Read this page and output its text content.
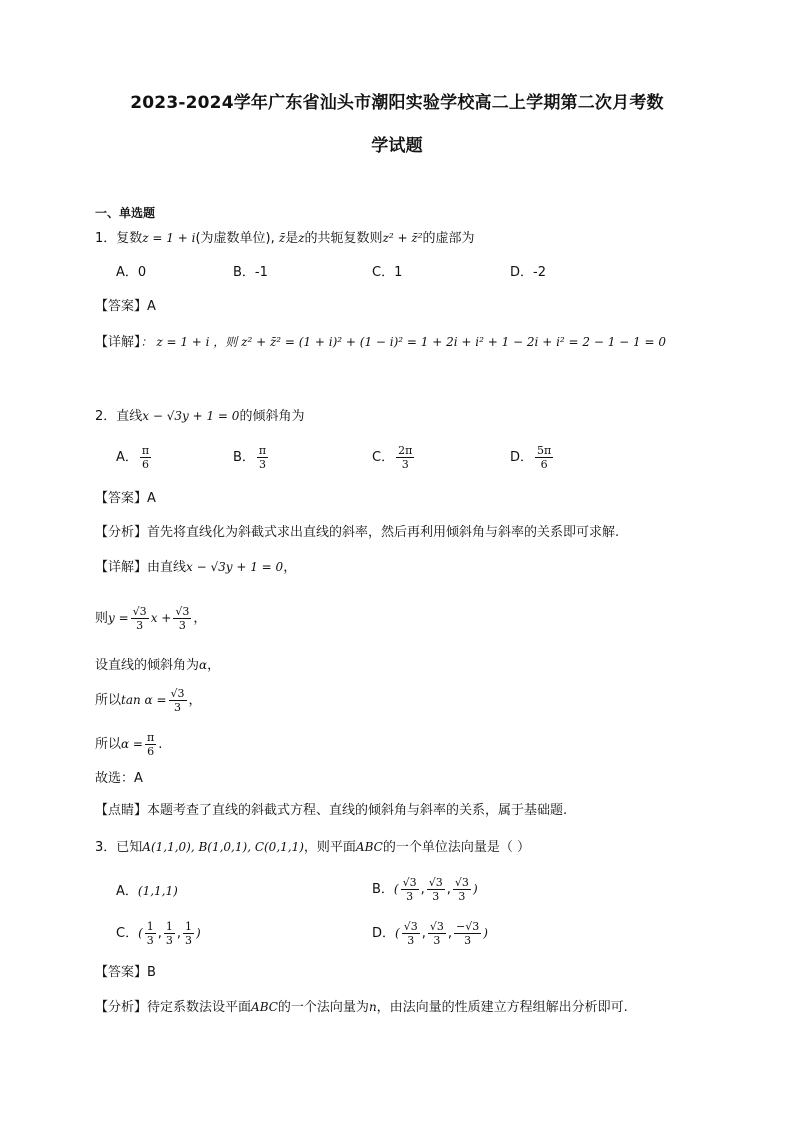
2023-2024学年广东省汕头市潮阳实验学校高二上学期第二次月考数
学试题
一、单选题
1．复数z = 1 + i(为虚数单位), z̄是z的共轭复数则z² + z̄²的虚部为
A．0	B．-1	C．1	D．-2
【答案】A
【详解】： z = 1 + i ，则 z² + z̄² = (1 + i)² + (1 − i)² = 1 + 2i + i² + 1 − 2i + i² = 2 − 1 − 1 = 0
2．直线x − √3y + 1 = 0的倾斜角为
A． $\frac{\pi}{6}$	B． $\frac{\pi}{3}$	C． $\frac{2\pi}{3}$	D． $\frac{5\pi}{6}$
【答案】A
【分析】首先将直线化为斜截式求出直线的斜率，然后再利用倾斜角与斜率的关系即可求解.
【详解】由直线x − √3y + 1 = 0，
则$y = \frac{√3}{3}$ $x + \frac{√3}{3}$ ，
设直线的倾斜角为α，
所以$\tan \alpha = \frac{√3}{3}$ ，
所以$\alpha = \frac{\pi}{6}$ .
故选：A
【点睛】本题考查了直线的斜截式方程、直线的倾斜角与斜率的关系，属于基础题.
3．已知A(1,1,0), B(1,0,1), C(0,1,1)，则平面ABC的一个单位法向量是（ ）
A．(1,1,1)	B．( $\frac{√3}{3}$ , $\frac{√3}{3}$ , $\frac{√3}{3}$ )
C．( $\frac{1}{3}$ , $\frac{1}{3}$ , $\frac{1}{3}$ )	D．( $\frac{√3}{3}$ , $\frac{√3}{3}$ , $\frac{-√3}{3}$ )
【答案】B
【分析】待定系数法设平面ABC的一个法向量为n，由法向量的性质建立方程组解出分析即可.
